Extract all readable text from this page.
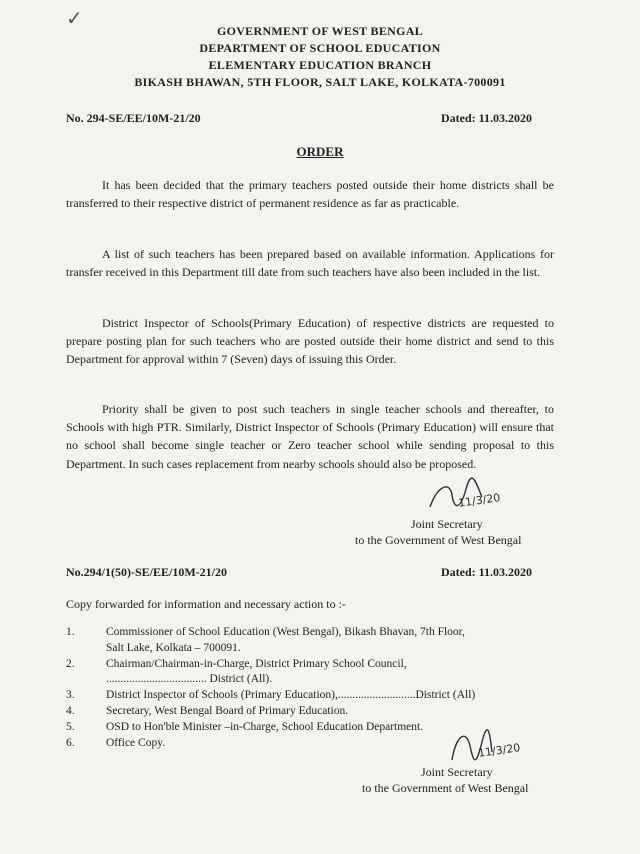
✓
GOVERNMENT OF WEST BENGAL
DEPARTMENT OF SCHOOL EDUCATION
ELEMENTARY EDUCATION BRANCH
BIKASH BHAWAN, 5TH FLOOR, SALT LAKE, KOLKATA-700091
No. 294-SE/EE/10M-21/20	Dated: 11.03.2020
ORDER

It has been decided that the primary teachers posted outside their home districts shall be transferred to their respective district of permanent residence as far as practicable.

A list of such teachers has been prepared based on available information. Applications for transfer received in this Department till date from such teachers have also been included in the list.

District Inspector of Schools(Primary Education) of respective districts are requested to prepare posting plan for such teachers who are posted outside their home district and send to this Department for approval within 7 (Seven) days of issuing this Order.

Priority shall be given to post such teachers in single teacher schools and thereafter, to Schools with high PTR. Similarly, District Inspector of Schools (Primary Education) will ensure that no school shall become single teacher or Zero teacher school while sending proposal to this Department. In such cases replacement from nearby schools should also be proposed.

11/3/20
Joint Secretary
to the Government of West Bengal
No.294/1(50)-SE/EE/10M-21/20	Dated: 11.03.2020
Copy forwarded for information and necessary action to :-
1.	Commissioner of School Education (West Bengal), Bikash Bhavan, 7th Floor,
Salt Lake, Kolkata – 700091.
2.	Chairman/Chairman-in-Charge, District Primary School Council,
................................... District (All).
3.	District Inspector of Schools (Primary Education),...........................District (All)
4.	Secretary, West Bengal Board of Primary Education.
5.	OSD to Hon'ble Minister –in-Charge, School Education Department.
6.	Office Copy.	11/3/20
Joint Secretary
to the Government of West Bengal
